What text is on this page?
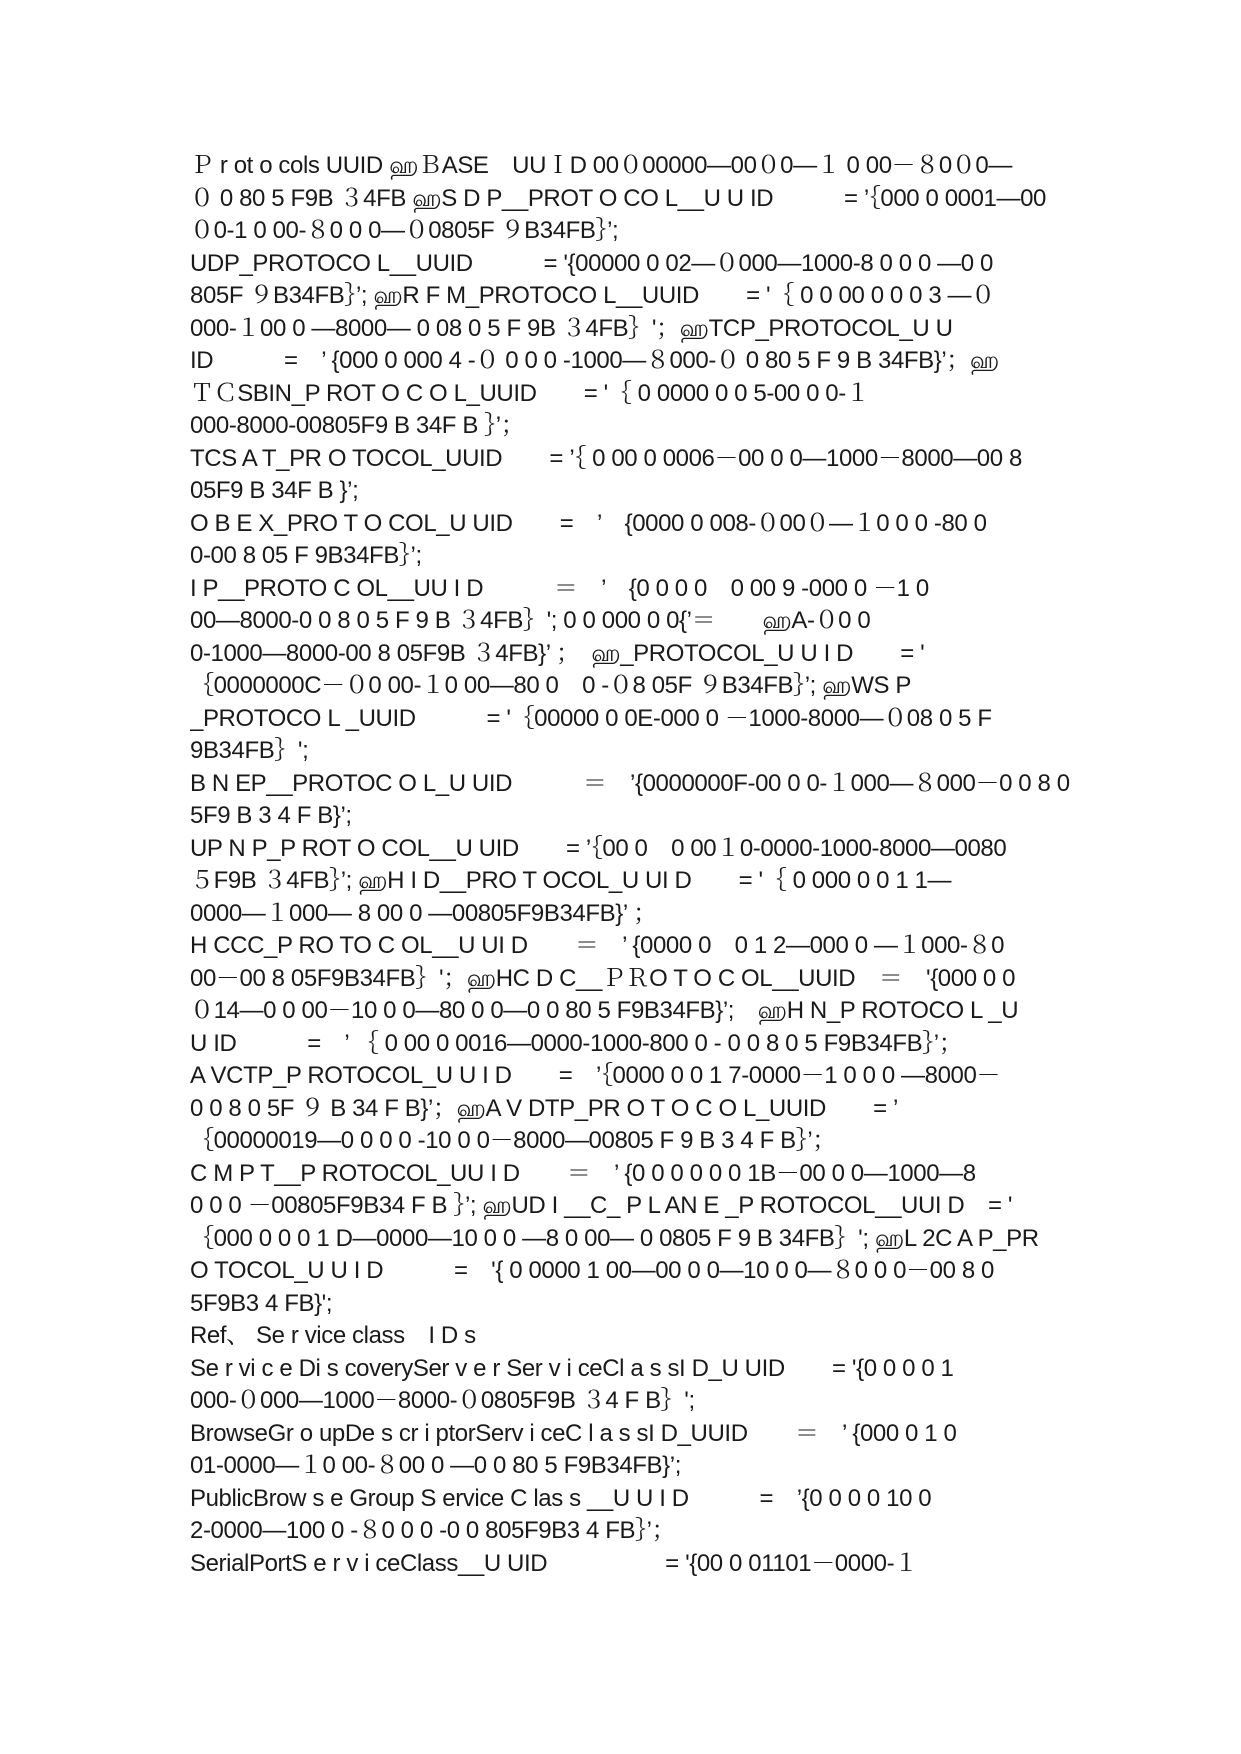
Ｐ r ot o cols UUID ஹＢASE　UUＩD 00０00000—00０0—１ 0 00－８0０0—
０ 0 80 5 F9B ３4FB ஹS D P__PROT O CO L__U U ID　　　= ’｛000 0 0001—00
０0-1 0 00-８0 0 0—０0805F ９B34FB｝’;
UDP_PROTOCO L__UUID　　　= '{00000 0 02—０000—1000-8 0 0 0 —0 0
805F ９B34FB｝’; ஹR F M_PROTOCO L__UUID　　= '｛ 0 0 00 0 0 0 3 —０
000-１00 0 —8000— 0 08 0 5 F 9B ３4FB｝'；ஹTCP_PROTOCOL_U U
ID　　　=　’ {000 0 000 4 -０ 0 0 0 -1000—８000-０ 0 80 5 F 9 B 34FB}’；ஹ
ＴＣSBIN_P ROT O C O L_UUID　　= '｛ 0 0000 0 0 5-00 0 0-１
000-8000-00805F9 B 34F B ｝’；
TCS A T_PR O TOCOL_UUID　　= ’｛ 0 00 0 0006－00 0 0—1000－8000—00 8
05F9 B 34F B }’;
O B E X_PRO T O COL_U UID　　=　’　{0000 0 008-０00０—１0 0 0 -80 0
0-00 8 05 F 9B34FB｝’;
I P__PROTO C OL__UU I D　　　＝　’　{0 0 0 0　0 00 9 -000 0 －1 0
00—8000-0 0 8 0 5 F 9 B ３4FB｝'; 0 0 000 0 0{’＝　　ஹA-０0 0
0-1000—8000-00 8 05F9B ３4FB}’ ；　ஹ_PROTOCOL_U U I D　　= '
｛0000000C－０0 00-１0 00—80 0　0 -０8 05F ９B34FB｝’; ஹWS P
_PROTOCO L _UUID　　　= '｛00000 0 0E-000 0 －1000-8000—０08 0 5 F
9B34FB｝';
B N EP__PROTOC O L_U UID　　　＝　’{0000000F-00 0 0-１000—８000－0 0 8 0
5F9 B 3 4 F B}’;
UP N P_P ROT O COL__U UID　　= ’｛00 0　0 00１0-0000-1000-8000—0080
５F9B ３4FB｝’; ஹH I D__PRO T OCOL_U UI D　　= '｛ 0 000 0 0 1 1—
0000—１000— 8 00 0 —00805F9B34FB}’ ；
H CCC_P RO TO C OL__U UI D　　＝　’ {0000 0　0 1 2—000 0 —１000-８0
00－00 8 05F9B34FB｝'；ஹHC D C__ＰＲO T O C OL__UUID　＝　'{000 0 0
０14—0 0 00－10 0 0—80 0 0—0 0 80 5 F9B34FB}’;　ஹH N_P ROTOCO L _U
U ID　　　=　’ ｛ 0 00 0 0016—0000-1000-800 0 - 0 0 8 0 5 F9B34FB｝’；
A VCTP_P ROTOCOL_U U I D　　=　’｛0000 0 0 1 7-0000－1 0 0 0 —8000－
0 0 8 0 5F ９ B 34 F B}’；ஹA V DTP_PR O T O C O L_UUID　　= ’
｛00000019—0 0 0 0 -10 0 0－8000—00805 F 9 B 3 4 F B｝’；
C M P T__P ROTOCOL_UU I D　　＝　’ {0 0 0 0 0 0 1B－00 0 0—1000—8
0 0 0 －00805F9B34 F B ｝’; ஹUD I __C_ P L AN E _P ROTOCOL__UUI D　= '
｛000 0 0 0 1 D—0000—10 0 0 —8 0 00— 0 0805 F 9 B 34FB｝'; ஹL 2C A P_PR
O TOCOL_U U I D　　　=　'{ 0 0000 1 00—00 0 0—10 0 0—８0 0 0－00 8 0
5F9B3 4 FB}';
Ref、 Se r vice class　I D s
Se r vi c e Di s coverySer v e r Ser v i ceCl a s sI D_U UID　　= '{0 0 0 0 1
000-０000—1000－8000-０0805F9B ３4 F B｝';
BrowseGr o upDe s cr i ptorServ i ceC l a s sI D_UUID　　＝　’ {000 0 1 0
01-0000—１0 00-８00 0 —0 0 80 5 F9B34FB}’;
PublicBrow s e Group S ervice C las s __U U I D　　　=　’{0 0 0 0 10 0
2-0000—100 0 -８0 0 0 -0 0 805F9B3 4 FB｝’；
SerialPortS e r v i ceClass__U UID　　　　　= '{00 0 01101－0000-１
